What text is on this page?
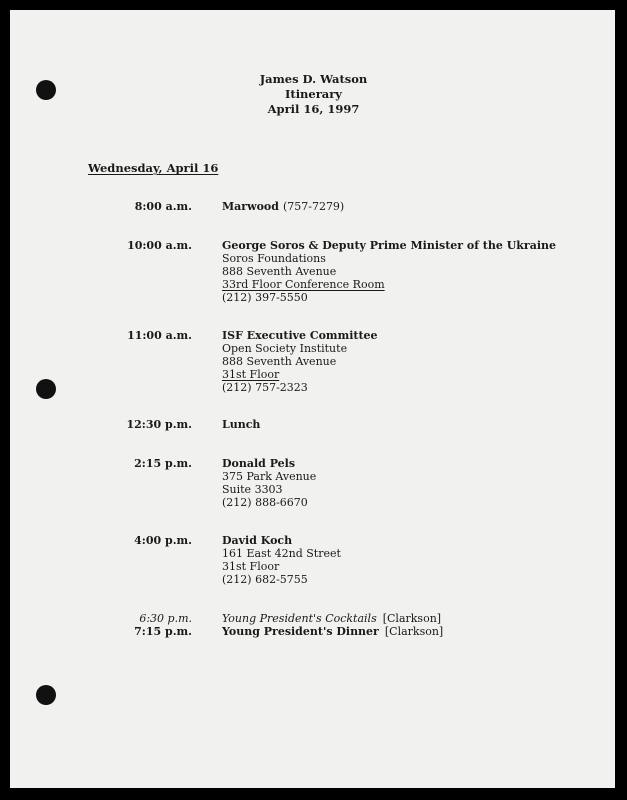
James D. Watson
Itinerary
April 16, 1997
Wednesday, April 16
8:00 a.m.	Marwood (757-7279)
10:00 a.m.	George Soros & Deputy Prime Minister of the Ukraine
Soros Foundations
888 Seventh Avenue
33rd Floor Conference Room
(212) 397-5550
11:00 a.m.	ISF Executive Committee
Open Society Institute
888 Seventh Avenue
31st Floor
(212) 757-2323
12:30 p.m.	Lunch
2:15 p.m.	Donald Pels
375 Park Avenue
Suite 3303
(212) 888-6670
4:00 p.m.	David Koch
161 East 42nd Street
31st Floor
(212) 682-5755
6:30 p.m.	Young President's Cocktails [Clarkson]
7:15 p.m.	Young President's Dinner [Clarkson]
